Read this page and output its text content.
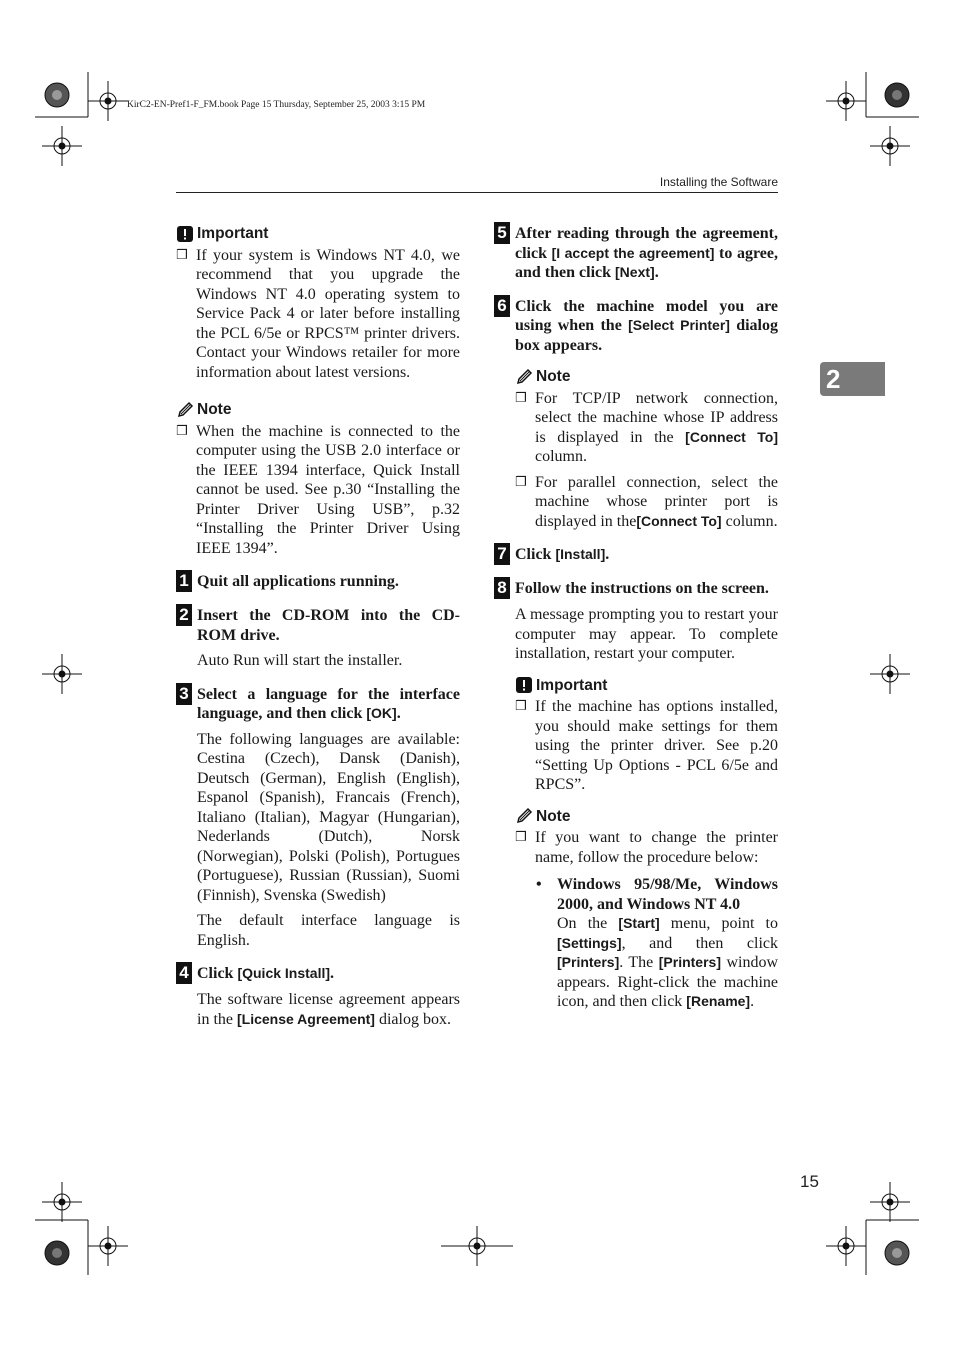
KirC2-EN-Pref1-F_FM.book Page 15 Thursday, September 25, 2003 3:15 PM
Installing the Software
2
Important
❒ If your system is Windows NT 4.0, we recommend that you upgrade the Windows NT 4.0 operating system to Service Pack 4 or later before installing the PCL 6/5e or RPCS™ printer drivers. Contact your Windows retailer for more information about latest versions.
Note
❒ When the machine is connected to the computer using the USB 2.0 interface or the IEEE 1394 interface, Quick Install cannot be used. See p.30 “Installing the Printer Driver Using USB”, p.32 “Installing the Printer Driver Using IEEE 1394”.
1 Quit all applications running.
2 Insert the CD-ROM into the CD-ROM drive.
Auto Run will start the installer.
3 Select a language for the interface language, and then click [OK].
The following languages are available: Cestina (Czech), Dansk (Danish), Deutsch (German), English (English), Espanol (Spanish), Francais (French), Italiano (Italian), Magyar (Hungarian), Nederlands (Dutch), Norsk (Norwegian), Polski (Polish), Portugues (Portuguese), Russian (Russian), Suomi (Finnish), Svenska (Swedish)
The default interface language is English.
4 Click [Quick Install].
The software license agreement appears in the [License Agreement] dialog box.
5 After reading through the agreement, click [I accept the agreement] to agree, and then click [Next].
6 Click the machine model you are using when the [Select Printer] dialog box appears.
Note
❒ For TCP/IP network connection, select the machine whose IP address is displayed in the [Connect To] column.
❒ For parallel connection, select the machine whose printer port is displayed in the[Connect To] column.
7 Click [Install].
8 Follow the instructions on the screen.
A message prompting you to restart your computer may appear. To complete installation, restart your computer.
Important
❒ If the machine has options installed, you should make settings for them using the printer driver. See p.20 “Setting Up Options - PCL 6/5e and RPCS”.
Note
❒ If you want to change the printer name, follow the procedure below:
• Windows 95/98/Me, Windows 2000, and Windows NT 4.0
On the [Start] menu, point to [Settings], and then click [Printers]. The [Printers] window appears. Right-click the machine icon, and then click [Rename].
15
